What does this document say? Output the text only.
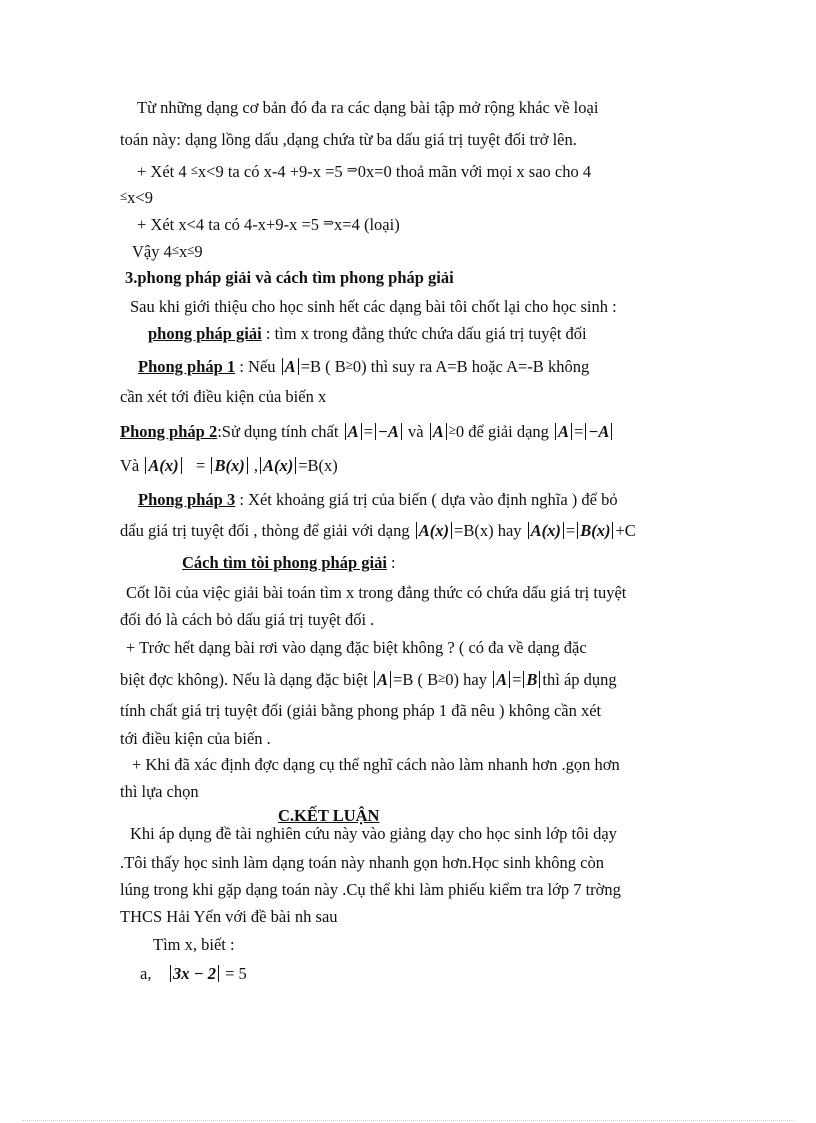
Từ những dạng cơ bản đó đa ra các dạng bài tập mở rộng khác về loại
toán này: dạng lồng dấu ,dạng chứa từ ba dấu giá trị tuyệt đối trở lên.
+ Xét 4 ≤x<9 ta có x-4 +9-x =5 ⇒0x=0 thoả mãn với mọi x sao cho 4
≤x<9
+ Xét x<4 ta có 4-x+9-x =5 ⇒x=4 (loại)
Vậy 4≤x≤9
3.phong pháp giải và cách tìm phong pháp giải
Sau khi giới thiệu cho học sinh hết các dạng bài tôi chốt lại cho học sinh :
phong pháp giải : tìm x trong đẳng thức chứa dấu giá trị tuyệt đối
Phong pháp 1 : Nếu A =B ( B≥0) thì suy ra A=B hoặc A=-B không
cần xét tới điều kiện của biến x
Phong pháp 2:Sử dụng tính chất A = −A và A ≥0 để giải dạng A = −A
Và A(x) = B(x) , A(x) =B(x)
Phong pháp 3 : Xét khoảng giá trị của biến ( dựa vào định nghĩa ) để bỏ
dấu giá trị tuyệt đối , thòng để giải với dạng A(x) =B(x) hay A(x) = B(x) +C
Cách tìm tòi phong pháp giải :
Cốt lõi của việc giải bài toán tìm x trong đẳng thức có chứa dấu giá trị tuyệt
đối đó là cách bỏ dấu giá trị tuyệt đối .
+ Trớc hết dạng bài rơi vào dạng đặc biệt không ? ( có đa về dạng đặc
biệt đợc không). Nếu là dạng đặc biệt A =B ( B≥0) hay A = B thì áp dụng
tính chất giá trị tuyệt đối (giải bằng phong pháp 1 đã nêu ) không cần xét
tới điều kiện của biến .
+ Khi đã xác định đợc dạng cụ thể nghĩ cách nào làm nhanh hơn .gọn hơn
thì lựa chọn
C.KẾT LUẬN
Khi áp dụng đề tài nghiên cứu này vào giảng dạy cho học sinh lớp tôi dạy
.Tôi thấy học sinh làm dạng toán này nhanh gọn hơn.Học sinh không còn
lúng trong khi gặp dạng toán này .Cụ thể khi làm phiếu kiểm tra lớp 7 trờng
THCS Hải Yến với đề bài nh sau
Tìm x, biết :
a, 3x − 2 = 5
